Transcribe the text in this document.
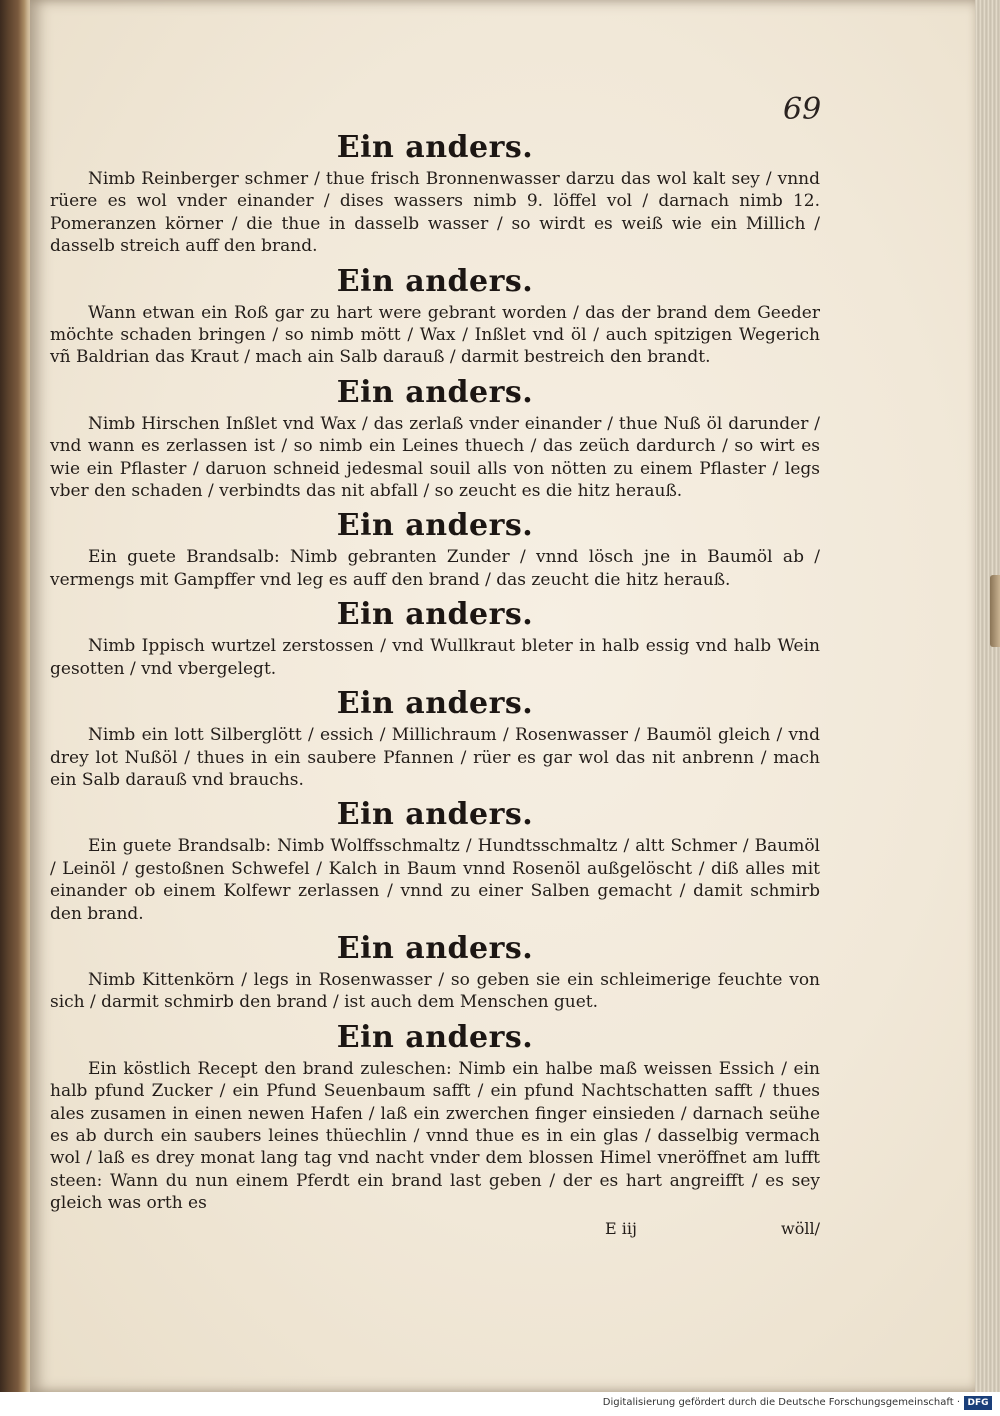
69
Ein anders.

Nimb Reinberger schmer / thue frisch Bronnenwasser darzu das wol kalt sey / vnnd rüere es wol vnder einander / dises wassers nimb 9. löffel vol / darnach nimb 12. Pomeranzen körner / die thue in dasselb wasser / so wirdt es weiß wie ein Millich / dasselb streich auff den brand.

Ein anders.

Wann etwan ein Roß gar zu hart were gebrant worden / das der brand dem Geeder möchte schaden bringen / so nimb mött / Wax / Inßlet vnd öl / auch spitzigen Wegerich vñ Baldrian das Kraut / mach ain Salb darauß / darmit bestreich den brandt.

Ein anders.

Nimb Hirschen Inßlet vnd Wax / das zerlaß vnder einander / thue Nuß öl darunder / vnd wann es zerlassen ist / so nimb ein Leines thuech / das zeüch dardurch / so wirt es wie ein Pflaster / daruon schneid jedesmal souil alls von nötten zu einem Pflaster / legs vber den schaden / verbindts das nit abfall / so zeucht es die hitz herauß.

Ein anders.

Ein guete Brandsalb: Nimb gebranten Zunder / vnnd lösch jne in Baumöl ab / vermengs mit Gampffer vnd leg es auff den brand / das zeucht die hitz herauß.

Ein anders.

Nimb Ippisch wurtzel zerstossen / vnd Wullkraut bleter in halb essig vnd halb Wein gesotten / vnd vbergelegt.

Ein anders.

Nimb ein lott Silberglött / essich / Millichraum / Rosenwasser / Baumöl gleich / vnd drey lot Nußöl / thues in ein saubere Pfannen / rüer es gar wol das nit anbrenn / mach ein Salb darauß vnd brauchs.

Ein anders.

Ein guete Brandsalb: Nimb Wolffsschmaltz / Hundtsschmaltz / altt Schmer / Baumöl / Leinöl / gestoßnen Schwefel / Kalch in Baum vnnd Rosenöl außgelöscht / diß alles mit einander ob einem Kolfewr zerlassen / vnnd zu einer Salben gemacht / damit schmirb den brand.

Ein anders.

Nimb Kittenkörn / legs in Rosenwasser / so geben sie ein schleimerige feuchte von sich / darmit schmirb den brand / ist auch dem Menschen guet.

Ein anders.

Ein köstlich Recept den brand zuleschen: Nimb ein halbe maß weissen Essich / ein halb pfund Zucker / ein Pfund Seuenbaum safft / ein pfund Nachtschatten safft / thues ales zusamen in einen newen Hafen / laß ein zwerchen finger einsieden / darnach seühe es ab durch ein saubers leines thüechlin / vnnd thue es in ein glas / dasselbig vermach wol / laß es drey monat lang tag vnd nacht vnder dem blossen Himel vneröffnet am lufft steen: Wann du nun einem Pferdt ein brand last geben / der es hart angreifft / es sey gleich was orth es

E iij	wöll/
Digitalisierung gefördert durch die Deutsche Forschungsgemeinschaft · DFG
